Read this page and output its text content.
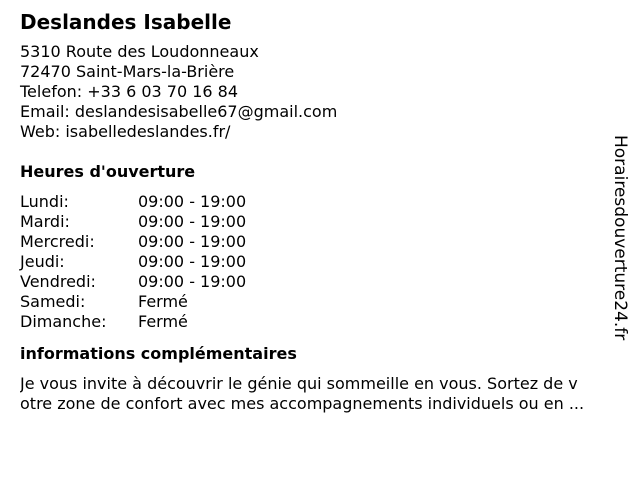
Deslandes Isabelle
5310 Route des Loudonneaux
72470 Saint-Mars-la-Brière
Telefon: +33 6 03 70 16 84
Email: deslandesisabelle67@gmail.com
Web: isabelledeslandes.fr/
Heures d'ouverture
Lundi:	09:00 - 19:00
Mardi:	09:00 - 19:00
Mercredi:	09:00 - 19:00
Jeudi:	09:00 - 19:00
Vendredi:	09:00 - 19:00
Samedi:	Fermé
Dimanche:	Fermé
informations complémentaires
Je vous invite à découvrir le génie qui sommeille en vous. Sortez de v
otre zone de confort avec mes accompagnements individuels ou en ...
Horairesdouverture24.fr
